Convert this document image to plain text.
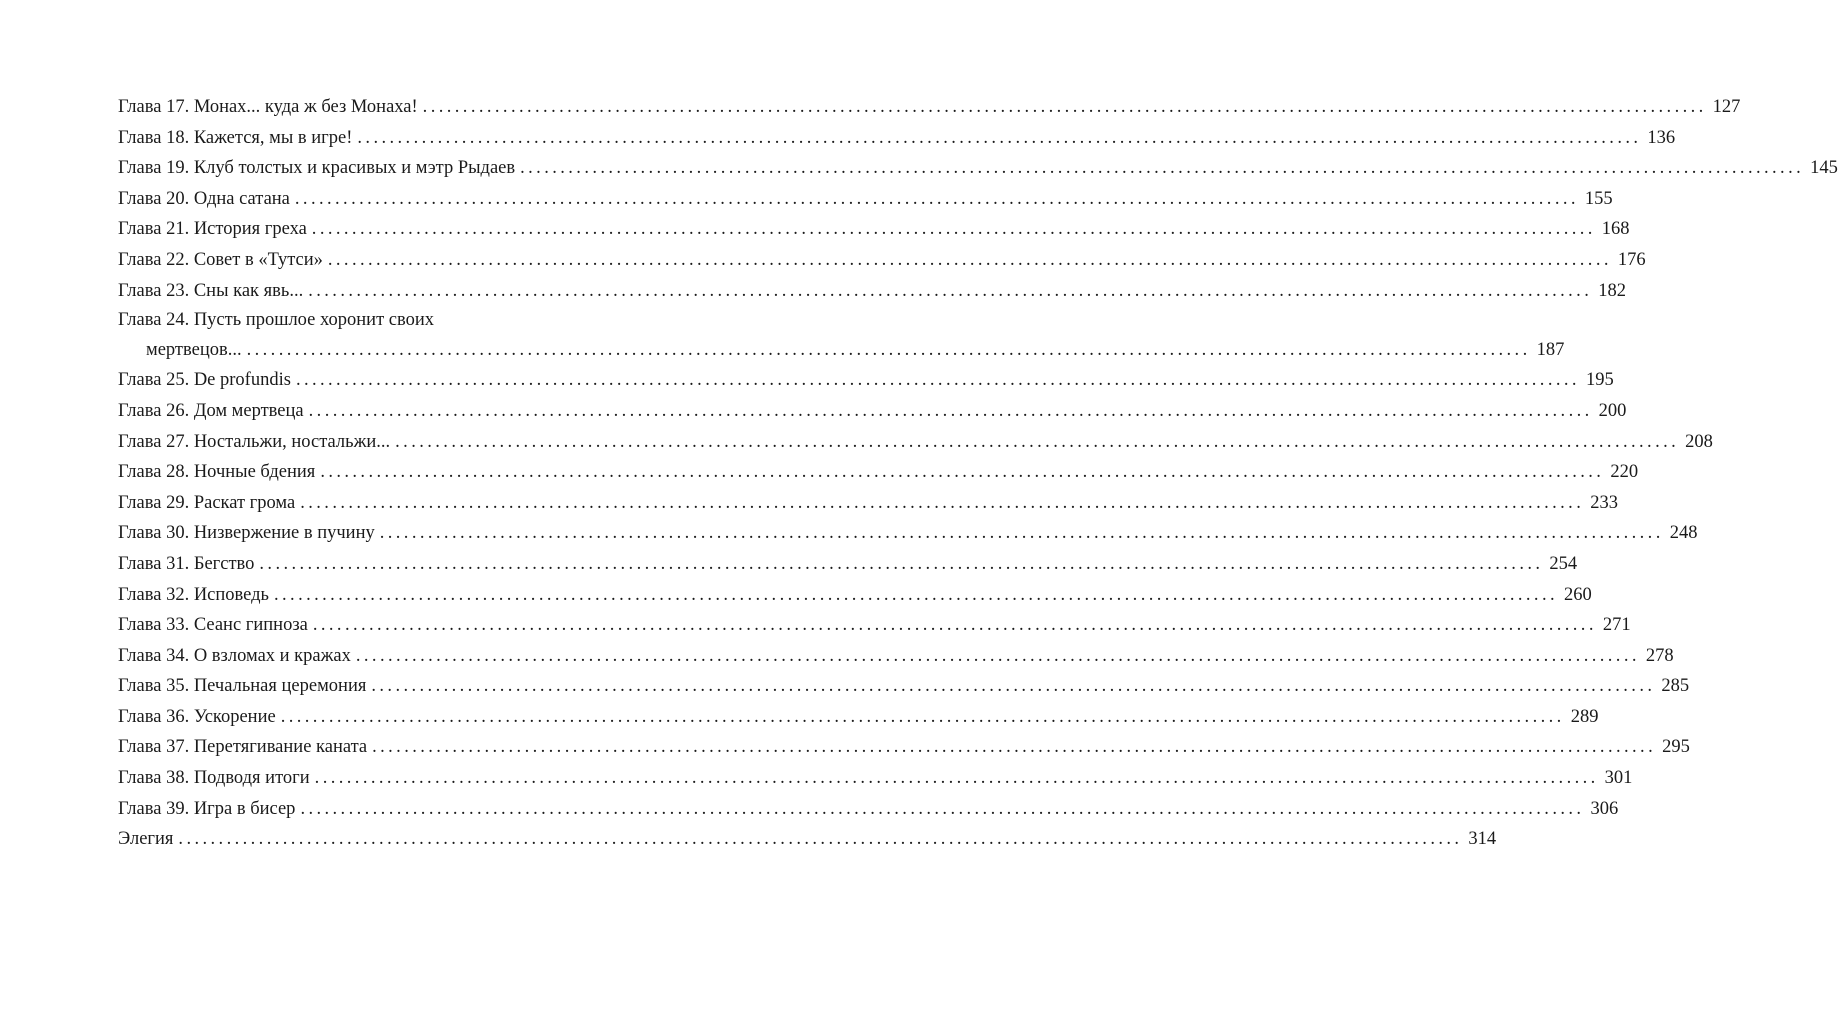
Глава 17. Монах... куда ж без Монаха! ................................................................................................................................................................ 127
Глава 18. Кажется, мы в игре! ................................................................................................................................................................ 136
Глава 19. Клуб толстых и красивых и мэтр Рыдаев ................................................................................................................................................................ 145
Глава 20. Одна сатана ................................................................................................................................................................ 155
Глава 21. История греха ................................................................................................................................................................ 168
Глава 22. Совет в «Тутси» ................................................................................................................................................................ 176
Глава 23. Сны как явь... ................................................................................................................................................................ 182
Глава 24. Пусть прошлое хоронит своих
мертвецов... ................................................................................................................................................................ 187
Глава 25. De profundis ................................................................................................................................................................ 195
Глава 26. Дом мертвеца ................................................................................................................................................................ 200
Глава 27. Ностальжи, ностальжи... ................................................................................................................................................................ 208
Глава 28. Ночные бдения ................................................................................................................................................................ 220
Глава 29. Раскат грома ................................................................................................................................................................ 233
Глава 30. Низвержение в пучину ................................................................................................................................................................ 248
Глава 31. Бегство ................................................................................................................................................................ 254
Глава 32. Исповедь ................................................................................................................................................................ 260
Глава 33. Сеанс гипноза ................................................................................................................................................................ 271
Глава 34. О взломах и кражах ................................................................................................................................................................ 278
Глава 35. Печальная церемония ................................................................................................................................................................ 285
Глава 36. Ускорение ................................................................................................................................................................ 289
Глава 37. Перетягивание каната ................................................................................................................................................................ 295
Глава 38. Подводя итоги ................................................................................................................................................................ 301
Глава 39. Игра в бисер ................................................................................................................................................................ 306
Элегия ................................................................................................................................................................ 314
